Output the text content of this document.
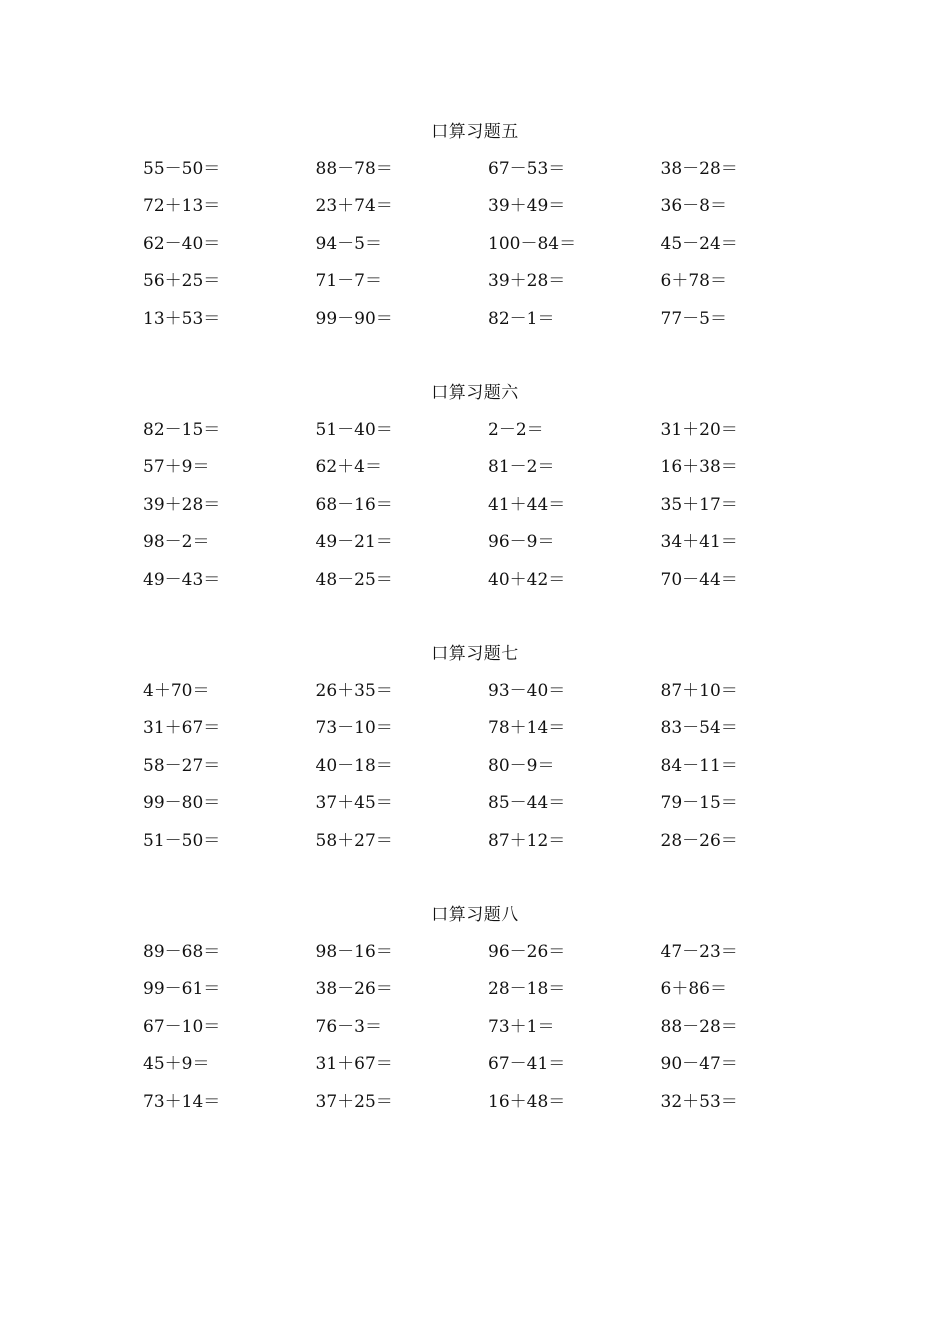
口算习题五
55－50＝	88－78＝	67－53＝	38－28＝
72＋13＝	23＋74＝	39＋49＝	36－8＝
62－40＝	94－5＝	100－84＝	45－24＝
56＋25＝	71－7＝	39＋28＝	6＋78＝
13＋53＝	99－90＝	82－1＝	77－5＝
口算习题六
82－15＝	51－40＝	2－2＝	31＋20＝
57＋9＝	62＋4＝	81－2＝	16＋38＝
39＋28＝	68－16＝	41＋44＝	35＋17＝
98－2＝	49－21＝	96－9＝	34＋41＝
49－43＝	48－25＝	40＋42＝	70－44＝
口算习题七
4＋70＝	26＋35＝	93－40＝	87＋10＝
31＋67＝	73－10＝	78＋14＝	83－54＝
58－27＝	40－18＝	80－9＝	84－11＝
99－80＝	37＋45＝	85－44＝	79－15＝
51－50＝	58＋27＝	87＋12＝	28－26＝
口算习题八
89－68＝	98－16＝	96－26＝	47－23＝
99－61＝	38－26＝	28－18＝	6＋86＝
67－10＝	76－3＝	73＋1＝	88－28＝
45＋9＝	31＋67＝	67－41＝	90－47＝
73＋14＝	37＋25＝	16＋48＝	32＋53＝
